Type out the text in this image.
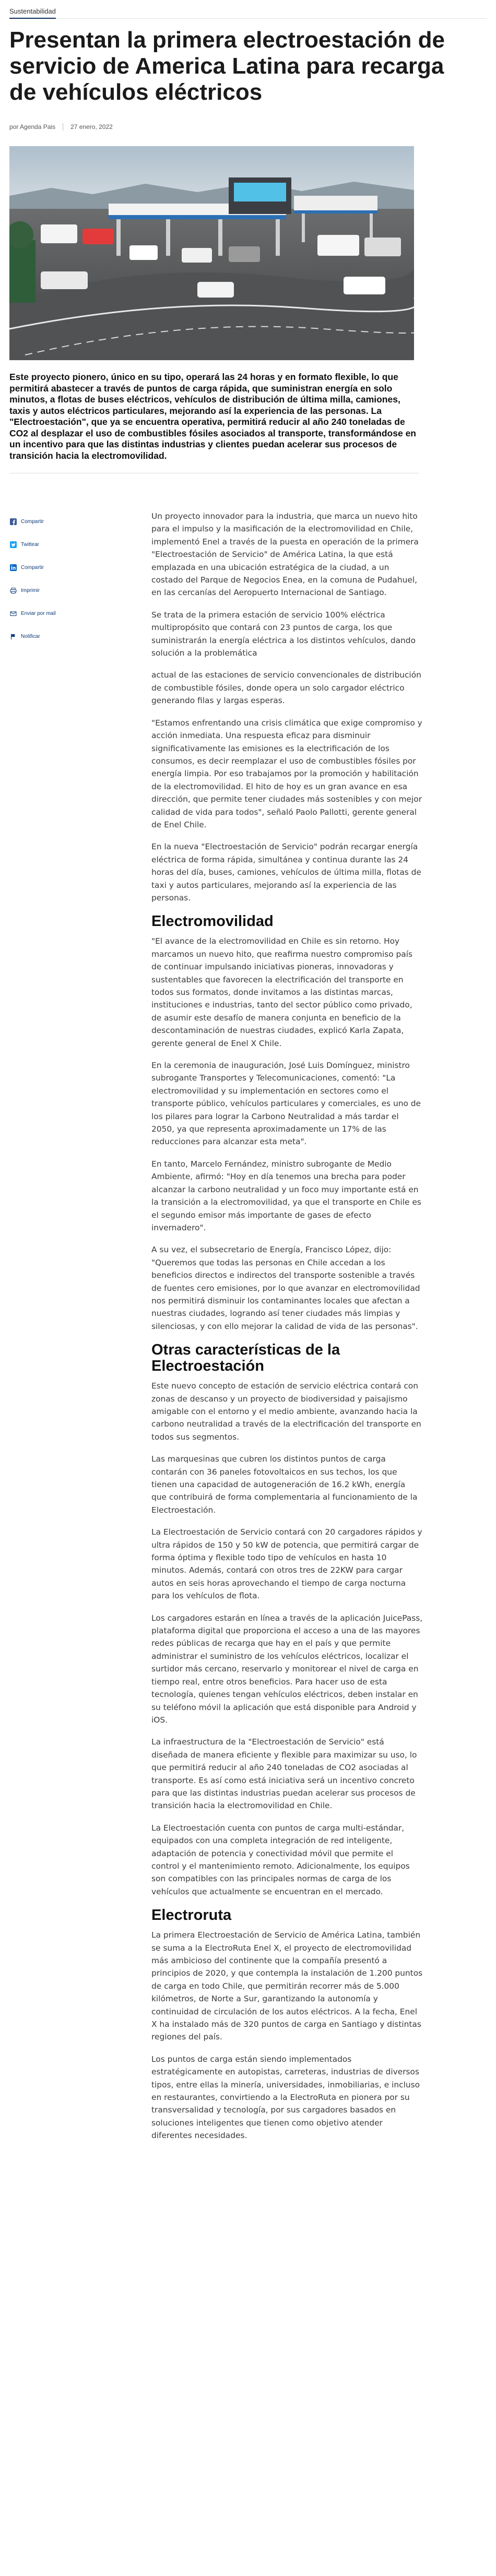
Sustentabilidad
Presentan la primera electroestación de servicio de America Latina para recarga de vehículos eléctricos
por Agenda Pais 27 enero, 2022

Este proyecto pionero, único en su tipo, operará las 24 horas y en formato flexible, lo que permitirá abastecer a través de puntos de carga rápida, que suministran energía en solo minutos, a flotas de buses eléctricos, vehículos de distribución de última milla, camiones, taxis y autos eléctricos particulares, mejorando así la experiencia de las personas. La "Electroestación", que ya se encuentra operativa, permitirá reducir al año 240 toneladas de CO2 al desplazar el uso de combustibles fósiles asociados al transporte, transformándose en un incentivo para que las distintas industrias y clientes puedan acelerar sus procesos de transición hacia la electromovilidad.

Compartir
Twittear
Compartir
Imprimir
Enviar por mail
Notificar

Un proyecto innovador para la industria, que marca un nuevo hito para el impulso y la masificación de la electromovilidad en Chile, implementó Enel a través de la puesta en operación de la primera "Electroestación de Servicio" de América Latina, la que está emplazada en una ubicación estratégica de la ciudad, a un costado del Parque de Negocios Enea, en la comuna de Pudahuel, en las cercanías del Aeropuerto Internacional de Santiago.

Se trata de la primera estación de servicio 100% eléctrica multipropósito que contará con 23 puntos de carga, los que suministrarán la energía eléctrica a los distintos vehículos, dando solución a la problemática

actual de las estaciones de servicio convencionales de distribución de combustible fósiles, donde opera un solo cargador eléctrico generando filas y largas esperas.

"Estamos enfrentando una crisis climática que exige compromiso y acción inmediata. Una respuesta eficaz para disminuir significativamente las emisiones es la electrificación de los consumos, es decir reemplazar el uso de combustibles fósiles por energía limpia. Por eso trabajamos por la promoción y habilitación de la electromovilidad. El hito de hoy es un gran avance en esa dirección, que permite tener ciudades más sostenibles y con mejor calidad de vida para todos", señaló Paolo Pallotti, gerente general de Enel Chile.

En la nueva "Electroestación de Servicio" podrán recargar energía eléctrica de forma rápida, simultánea y continua durante las 24 horas del día, buses, camiones, vehículos de última milla, flotas de taxi y autos particulares, mejorando así la experiencia de las personas.

Electromovilidad

"El avance de la electromovilidad en Chile es sin retorno. Hoy marcamos un nuevo hito, que reafirma nuestro compromiso país de continuar impulsando iniciativas pioneras, innovadoras y sustentables que favorecen la electrificación del transporte en todos sus formatos, donde invitamos a las distintas marcas, instituciones e industrias, tanto del sector público como privado, de asumir este desafío de manera conjunta en beneficio de la descontaminación de nuestras ciudades, explicó Karla Zapata, gerente general de Enel X Chile.

En la ceremonia de inauguración, José Luis Domínguez, ministro subrogante Transportes y Telecomunicaciones, comentó: "La electromovilidad y su implementación en sectores como el transporte público, vehículos particulares y comerciales, es uno de los pilares para lograr la Carbono Neutralidad a más tardar el 2050, ya que representa aproximadamente un 17% de las reducciones para alcanzar esta meta".

En tanto, Marcelo Fernández, ministro subrogante de Medio Ambiente, afirmó: "Hoy en día tenemos una brecha para poder alcanzar la carbono neutralidad y un foco muy importante está en la transición a la electromovilidad, ya que el transporte en Chile es el segundo emisor más importante de gases de efecto invernadero".

A su vez, el subsecretario de Energía, Francisco López, dijo: "Queremos que todas las personas en Chile accedan a los beneficios directos e indirectos del transporte sostenible a través de fuentes cero emisiones, por lo que avanzar en electromovilidad nos permitirá disminuir los contaminantes locales que afectan a nuestras ciudades, logrando así tener ciudades más limpias y silenciosas, y con ello mejorar la calidad de vida de las personas".

Otras características de la Electroestación

Este nuevo concepto de estación de servicio eléctrica contará con zonas de descanso y un proyecto de biodiversidad y paisajismo amigable con el entorno y el medio ambiente, avanzando hacia la carbono neutralidad a través de la electrificación del transporte en todos sus segmentos.

Las marquesinas que cubren los distintos puntos de carga contarán con 36 paneles fotovoltaicos en sus techos, los que tienen una capacidad de autogeneración de 16.2 kWh, energía que contribuirá de forma complementaria al funcionamiento de la Electroestación.

La Electroestación de Servicio contará con 20 cargadores rápidos y ultra rápidos de 150 y 50 kW de potencia, que permitirá cargar de forma óptima y flexible todo tipo de vehículos en hasta 10 minutos. Además, contará con otros tres de 22KW para cargar autos en seis horas aprovechando el tiempo de carga nocturna para los vehículos de flota.

Los cargadores estarán en línea a través de la aplicación JuicePass, plataforma digital que proporciona el acceso a una de las mayores redes públicas de recarga que hay en el país y que permite administrar el suministro de los vehículos eléctricos, localizar el surtidor más cercano, reservarlo y monitorear el nivel de carga en tiempo real, entre otros beneficios. Para hacer uso de esta tecnología, quienes tengan vehículos eléctricos, deben instalar en su teléfono móvil la aplicación que está disponible para Android y iOS.

La infraestructura de la "Electroestación de Servicio" está diseñada de manera eficiente y flexible para maximizar su uso, lo que permitirá reducir al año 240 toneladas de CO2 asociadas al transporte. Es así como está iniciativa será un incentivo concreto para que las distintas industrias puedan acelerar sus procesos de transición hacia la electromovilidad en Chile.

La Electroestación cuenta con puntos de carga multi-estándar, equipados con una completa integración de red inteligente, adaptación de potencia y conectividad móvil que permite el control y el mantenimiento remoto. Adicionalmente, los equipos son compatibles con las principales normas de carga de los vehículos que actualmente se encuentran en el mercado.

Electroruta

La primera Electroestación de Servicio de América Latina, también se suma a la ElectroRuta Enel X, el proyecto de electromovilidad más ambicioso del continente que la compañía presentó a principios de 2020, y que contempla la instalación de 1.200 puntos de carga en todo Chile, que permitirán recorrer más de 5.000 kilómetros, de Norte a Sur, garantizando la autonomía y continuidad de circulación de los autos eléctricos. A la fecha, Enel X ha instalado más de 320 puntos de carga en Santiago y distintas regiones del país.

Los puntos de carga están siendo implementados estratégicamente en autopistas, carreteras, industrias de diversos tipos, entre ellas la minería, universidades, inmobiliarias, e incluso en restaurantes, convirtiendo a la ElectroRuta en pionera por su transversalidad y tecnología, por sus cargadores basados en soluciones inteligentes que tienen como objetivo atender diferentes necesidades.
